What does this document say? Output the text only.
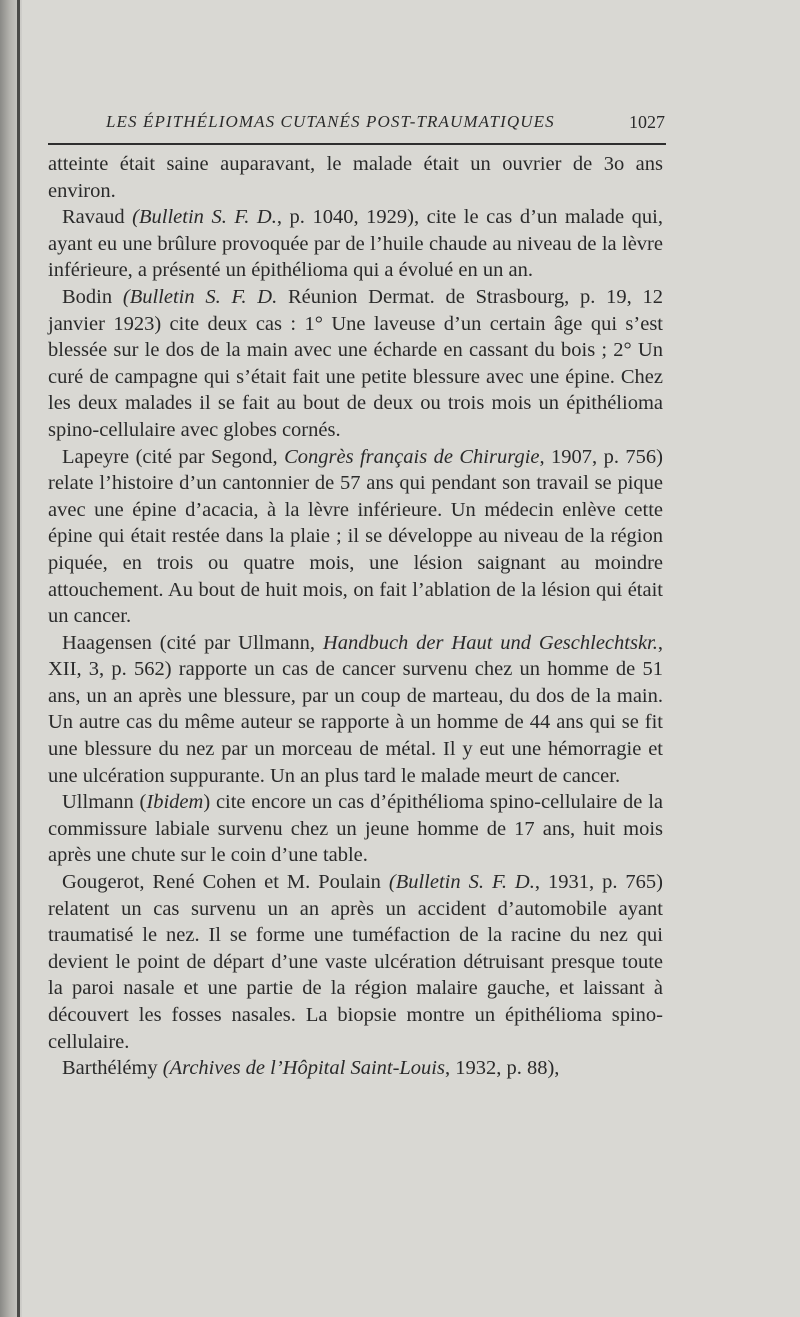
LES ÉPITHÉLIOMAS CUTANÉS POST-TRAUMATIQUES	1027

atteinte était saine auparavant, le malade était un ouvrier de 3o ans environ.

Ravaud (Bulletin S. F. D., p. 1040, 1929), cite le cas d’un malade qui, ayant eu une brûlure provoquée par de l’huile chaude au niveau de la lèvre inférieure, a présenté un épithélioma qui a évolué en un an.

Bodin (Bulletin S. F. D. Réunion Dermat. de Strasbourg, p. 19, 12 janvier 1923) cite deux cas : 1° Une laveuse d’un certain âge qui s’est blessée sur le dos de la main avec une écharde en cassant du bois ; 2° Un curé de campagne qui s’était fait une petite blessure avec une épine. Chez les deux malades il se fait au bout de deux ou trois mois un épithélioma spino-cellulaire avec globes cornés.

Lapeyre (cité par Segond, Congrès français de Chirurgie, 1907, p. 756) relate l’histoire d’un cantonnier de 57 ans qui pendant son travail se pique avec une épine d’acacia, à la lèvre inférieure. Un médecin enlève cette épine qui était restée dans la plaie ; il se développe au niveau de la région piquée, en trois ou quatre mois, une lésion saignant au moindre attouchement. Au bout de huit mois, on fait l’ablation de la lésion qui était un cancer.

Haagensen (cité par Ullmann, Handbuch der Haut und Geschlechtskr., XII, 3, p. 562) rapporte un cas de cancer survenu chez un homme de 51 ans, un an après une blessure, par un coup de marteau, du dos de la main. Un autre cas du même auteur se rapporte à un homme de 44 ans qui se fit une blessure du nez par un morceau de métal. Il y eut une hémorragie et une ulcération suppurante. Un an plus tard le malade meurt de cancer.

Ullmann (Ibidem) cite encore un cas d’épithélioma spino-cellulaire de la commissure labiale survenu chez un jeune homme de 17 ans, huit mois après une chute sur le coin d’une table.

Gougerot, René Cohen et M. Poulain (Bulletin S. F. D., 1931, p. 765) relatent un cas survenu un an après un accident d’automobile ayant traumatisé le nez. Il se forme une tuméfaction de la racine du nez qui devient le point de départ d’une vaste ulcération détruisant presque toute la paroi nasale et une partie de la région malaire gauche, et laissant à découvert les fosses nasales. La biopsie montre un épithélioma spino-cellulaire.

Barthélémy (Archives de l’Hôpital Saint-Louis, 1932, p. 88),
